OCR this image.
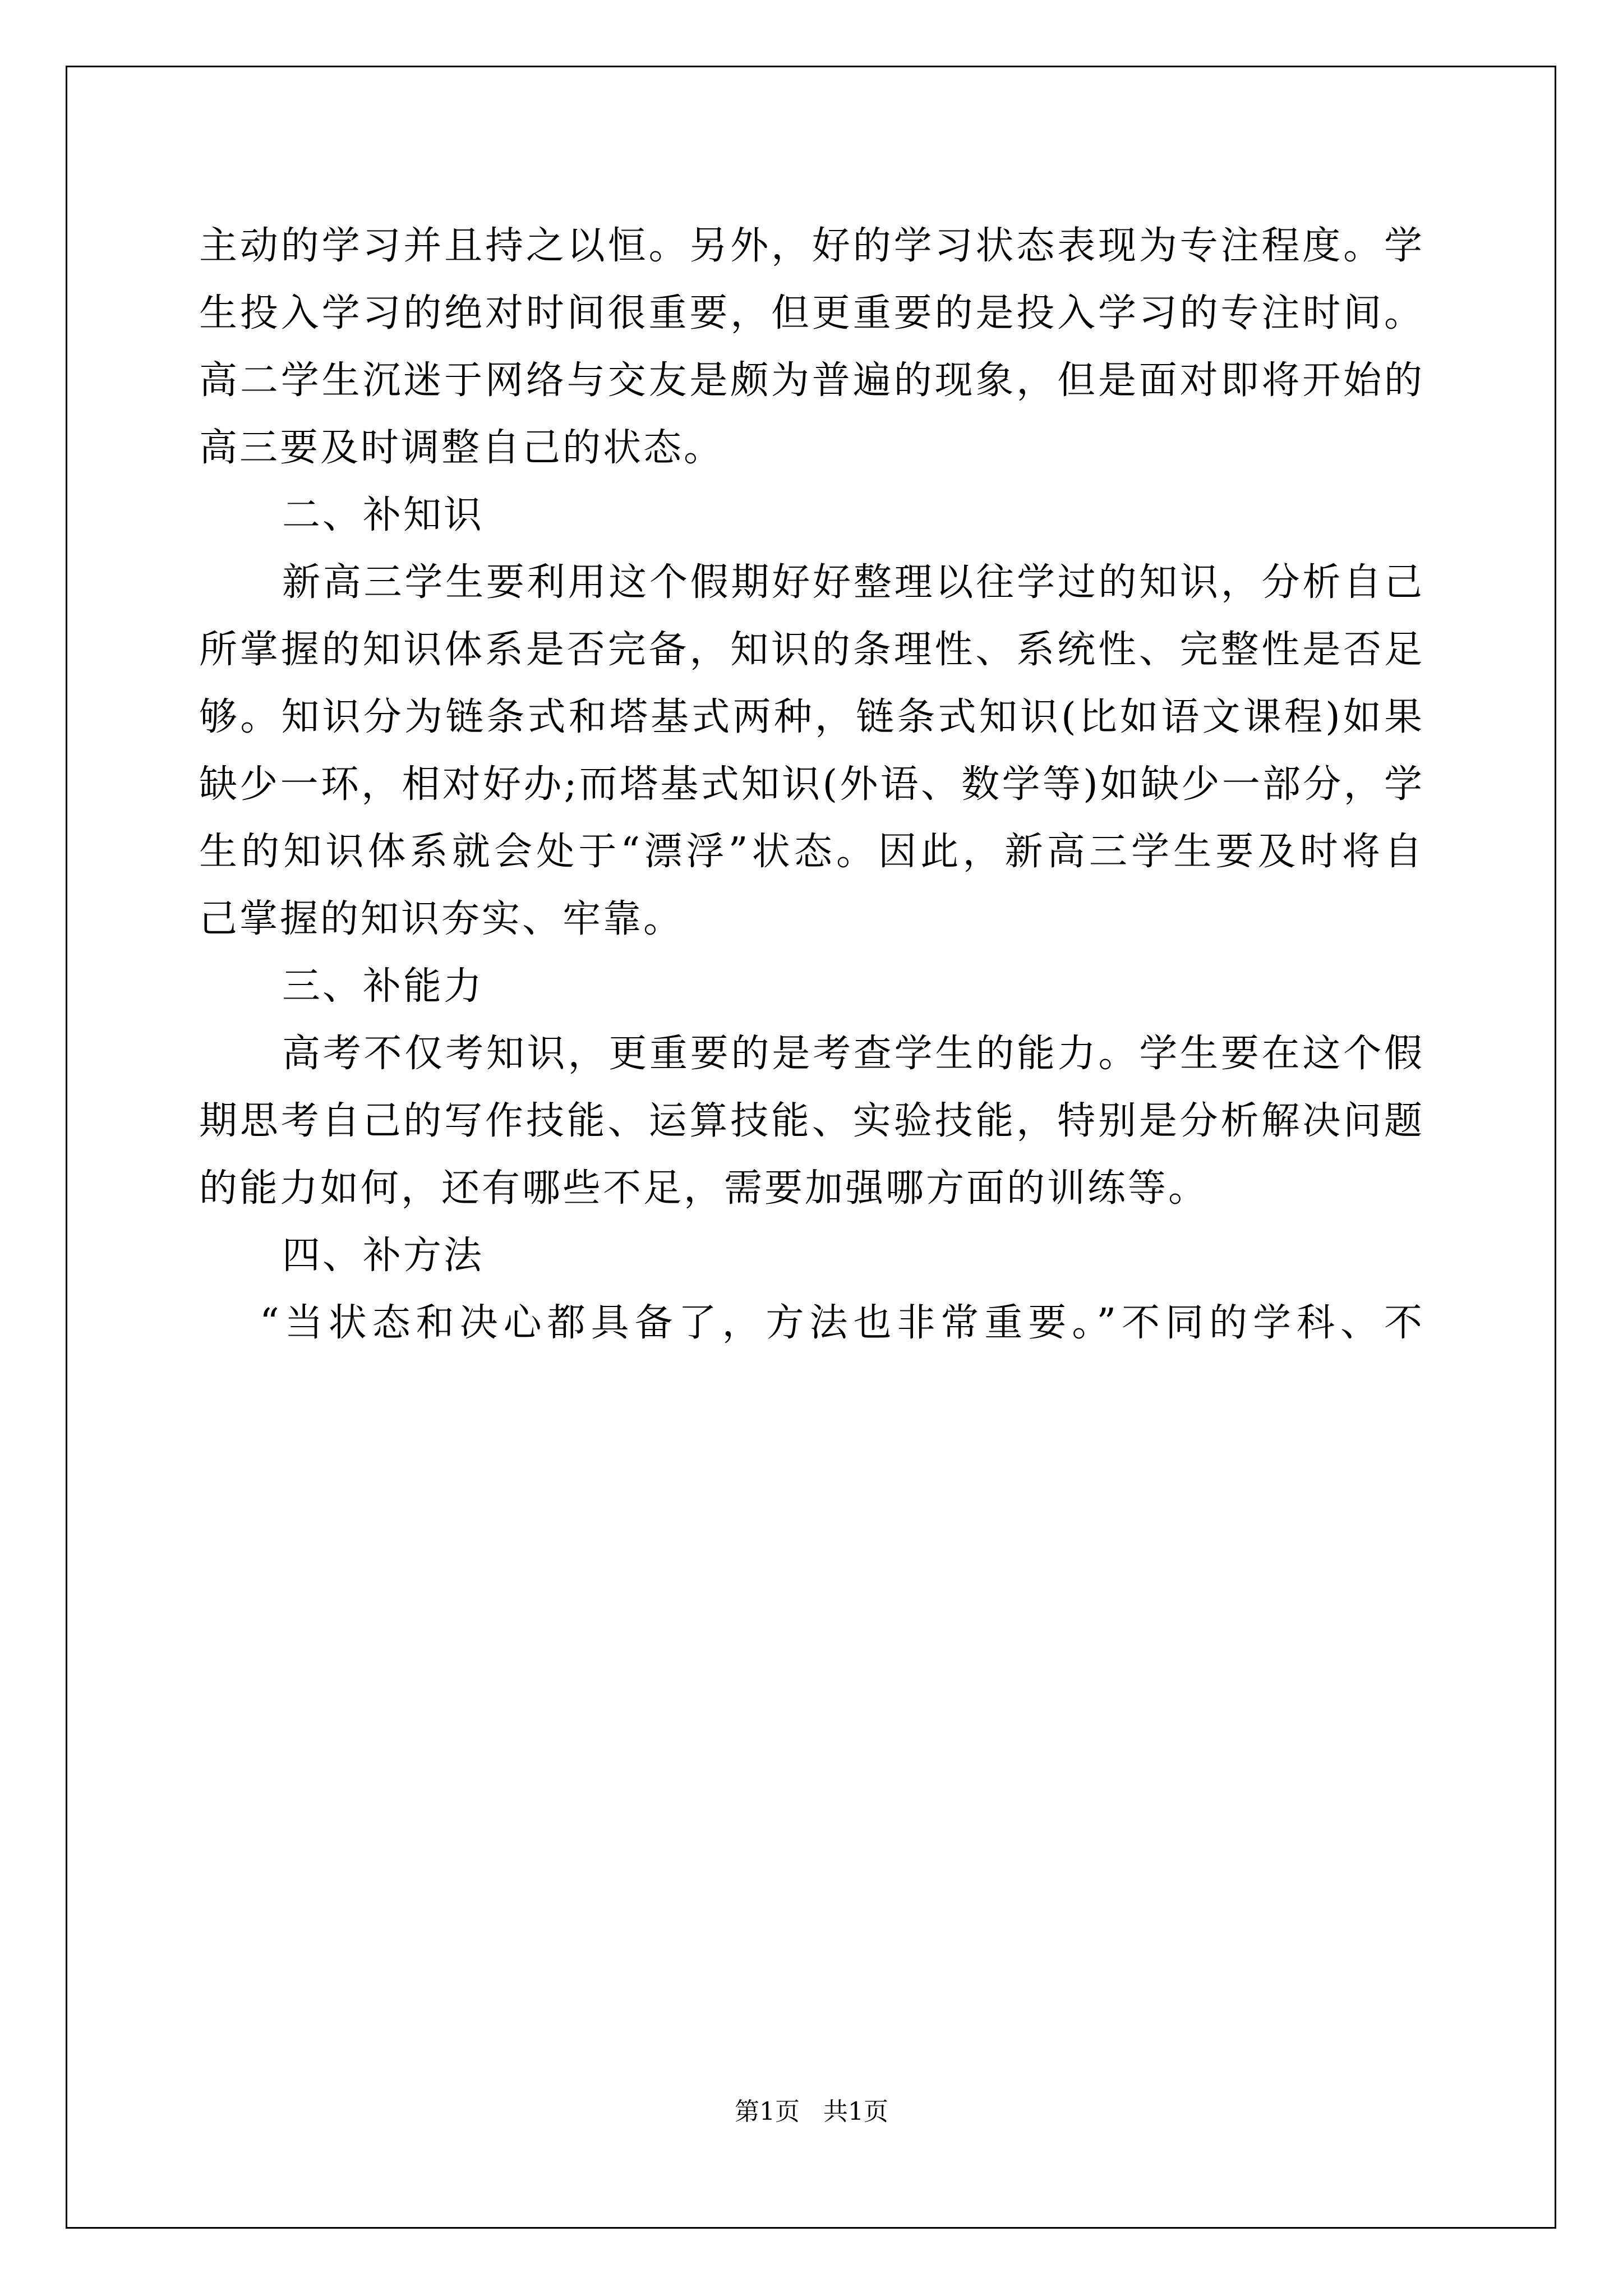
主动的学习并且持之以恒。另外，好的学习状态表现为专注程度。学
生投入学习的绝对时间很重要，但更重要的是投入学习的专注时间。
高二学生沉迷于网络与交友是颇为普遍的现象，但是面对即将开始的
高三要及时调整自己的状态。
二、补知识
新高三学生要利用这个假期好好整理以往学过的知识，分析自己
所掌握的知识体系是否完备，知识的条理性、系统性、完整性是否足
够。知识分为链条式和塔基式两种，链条式知识(比如语文课程)如果
缺少一环，相对好办;而塔基式知识(外语、数学等)如缺少一部分，学
生的知识体系就会处于“漂浮”状态。因此，新高三学生要及时将自
己掌握的知识夯实、牢靠。
三、补能力
高考不仅考知识，更重要的是考查学生的能力。学生要在这个假
期思考自己的写作技能、运算技能、实验技能，特别是分析解决问题
的能力如何，还有哪些不足，需要加强哪方面的训练等。
四、补方法
“当状态和决心都具备了，方法也非常重要。”不同的学科、不
第1页 共1页
